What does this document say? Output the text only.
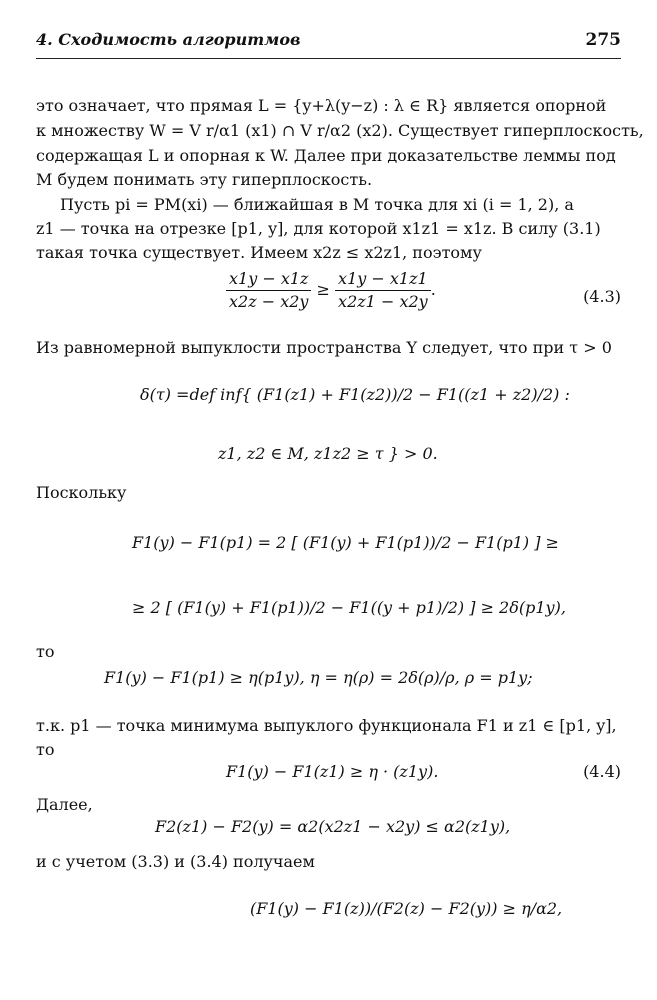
4. Сходимость алгоритмов	275
это означает, что прямая L = {y+λ(y−z) : λ ∈ R} является опорной
к множеству W = V r/α1 (x1) ∩ V r/α2 (x2). Существует гиперплоскость,
содержащая L и опорная к W. Далее при доказательстве леммы под
M будем понимать эту гиперплоскость.
Пусть pi = PM(xi) — ближайшая в M точка для xi (i = 1, 2), а
z1 — точка на отрезке [p1, y], для которой x1z1 = x1z. В силу (3.1)
такая точка существует. Имеем x2z ≤ x2z1, поэтому
$\frac{x1y - x1z}{x2z - x2y} \ge \frac{x1y - x1z1}{x2z1 - x2y}$ .	(4.3)
Из равномерной выпуклости пространства Y следует, что при τ > 0
δ(τ) =def inf{ (F1(z1) + F1(z2))/2 − F1((z1 + z2)/2) :
z1, z2 ∈ M, z1z2 ≥ τ } > 0.
Поскольку
F1(y) − F1(p1) = 2 [ (F1(y) + F1(p1))/2 − F1(p1) ] ≥
≥ 2 [ (F1(y) + F1(p1))/2 − F1((y + p1)/2) ] ≥ 2δ(p1y),
то
F1(y) − F1(p1) ≥ η(p1y), η = η(ρ) = 2δ(ρ)/ρ, ρ = p1y;
т.к. p1 — точка минимума выпуклого функционала F1 и z1 ∈ [p1, y],
то
F1(y) − F1(z1) ≥ η · (z1y).	(4.4)
Далее,
F2(z1) − F2(y) = α2(x2z1 − x2y) ≤ α2(z1y),
и с учетом (3.3) и (3.4) получаем
(F1(y) − F1(z))/(F2(z) − F2(y)) ≥ η/α2,
